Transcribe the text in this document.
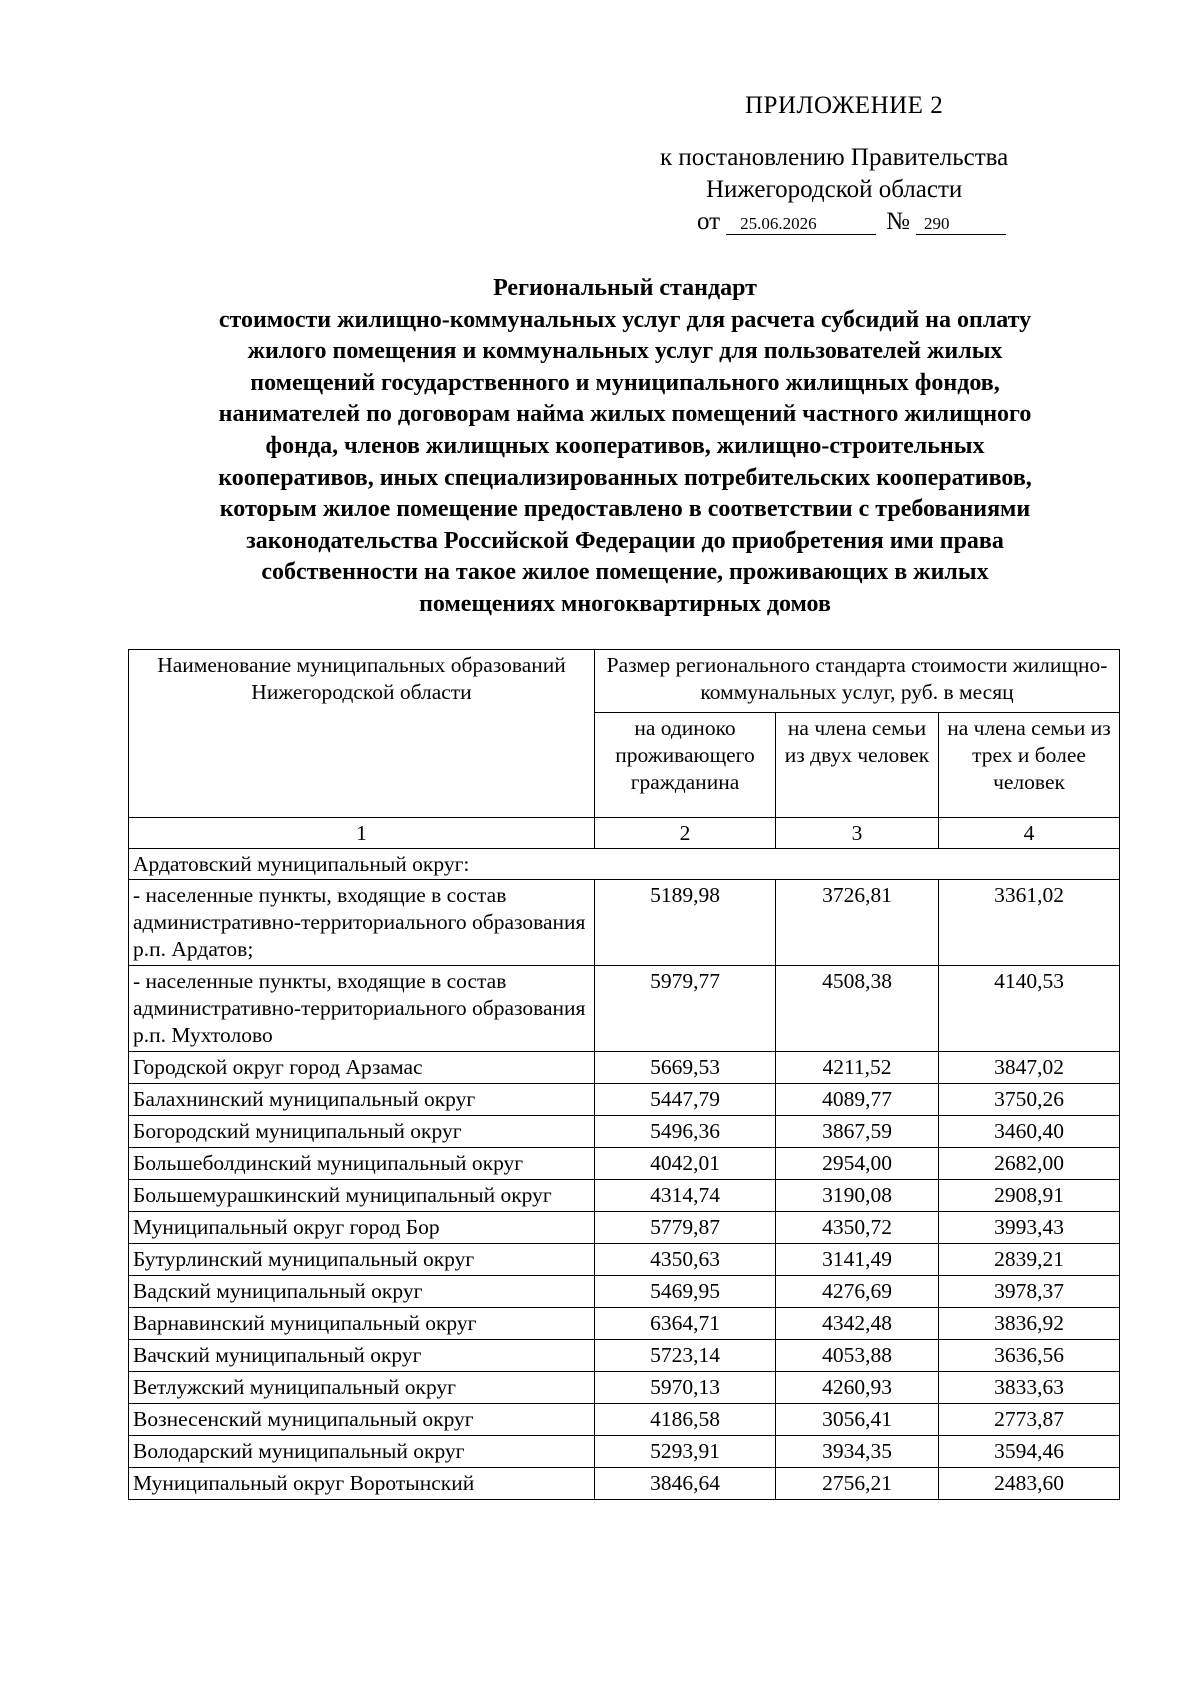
ПРИЛОЖЕНИЕ 2
к постановлению Правительства
Нижегородской области
от 25.06.2026	№ 290
Региональный стандарт
стоимости жилищно-коммунальных услуг для расчета субсидий на оплату
жилого помещения и коммунальных услуг для пользователей жилых
помещений государственного и муниципального жилищных фондов,
нанимателей по договорам найма жилых помещений частного жилищного
фонда, членов жилищных кооперативов, жилищно-строительных
кооперативов, иных специализированных потребительских кооперативов,
которым жилое помещение предоставлено в соответствии с требованиями
законодательства Российской Федерации до приобретения ими права
собственности на такое жилое помещение, проживающих в жилых
помещениях многоквартирных домов
Наименование муниципальных образований Нижегородской области	Размер регионального стандарта стоимости жилищно-коммунальных услуг, руб. в месяц		
	на одиноко проживающего гражданина	на члена семьи из двух человек	на члена семьи из трех и более человек
1	2	3	4
Ардатовский муниципальный округ:			
- населенные пункты, входящие в состав административно-территориального образования р.п. Ардатов;	5189,98	3726,81	3361,02
- населенные пункты, входящие в состав административно-территориального образования р.п. Мухтолово	5979,77	4508,38	4140,53
Городской округ город Арзамас	5669,53	4211,52	3847,02
Балахнинский муниципальный округ	5447,79	4089,77	3750,26
Богородский муниципальный округ	5496,36	3867,59	3460,40
Большеболдинский муниципальный округ	4042,01	2954,00	2682,00
Большемурашкинский муниципальный округ	4314,74	3190,08	2908,91
Муниципальный округ город Бор	5779,87	4350,72	3993,43
Бутурлинский муниципальный округ	4350,63	3141,49	2839,21
Вадский муниципальный округ	5469,95	4276,69	3978,37
Варнавинский муниципальный округ	6364,71	4342,48	3836,92
Вачский муниципальный округ	5723,14	4053,88	3636,56
Ветлужский муниципальный округ	5970,13	4260,93	3833,63
Вознесенский муниципальный округ	4186,58	3056,41	2773,87
Володарский муниципальный округ	5293,91	3934,35	3594,46
Муниципальный округ Воротынский	3846,64	2756,21	2483,60
